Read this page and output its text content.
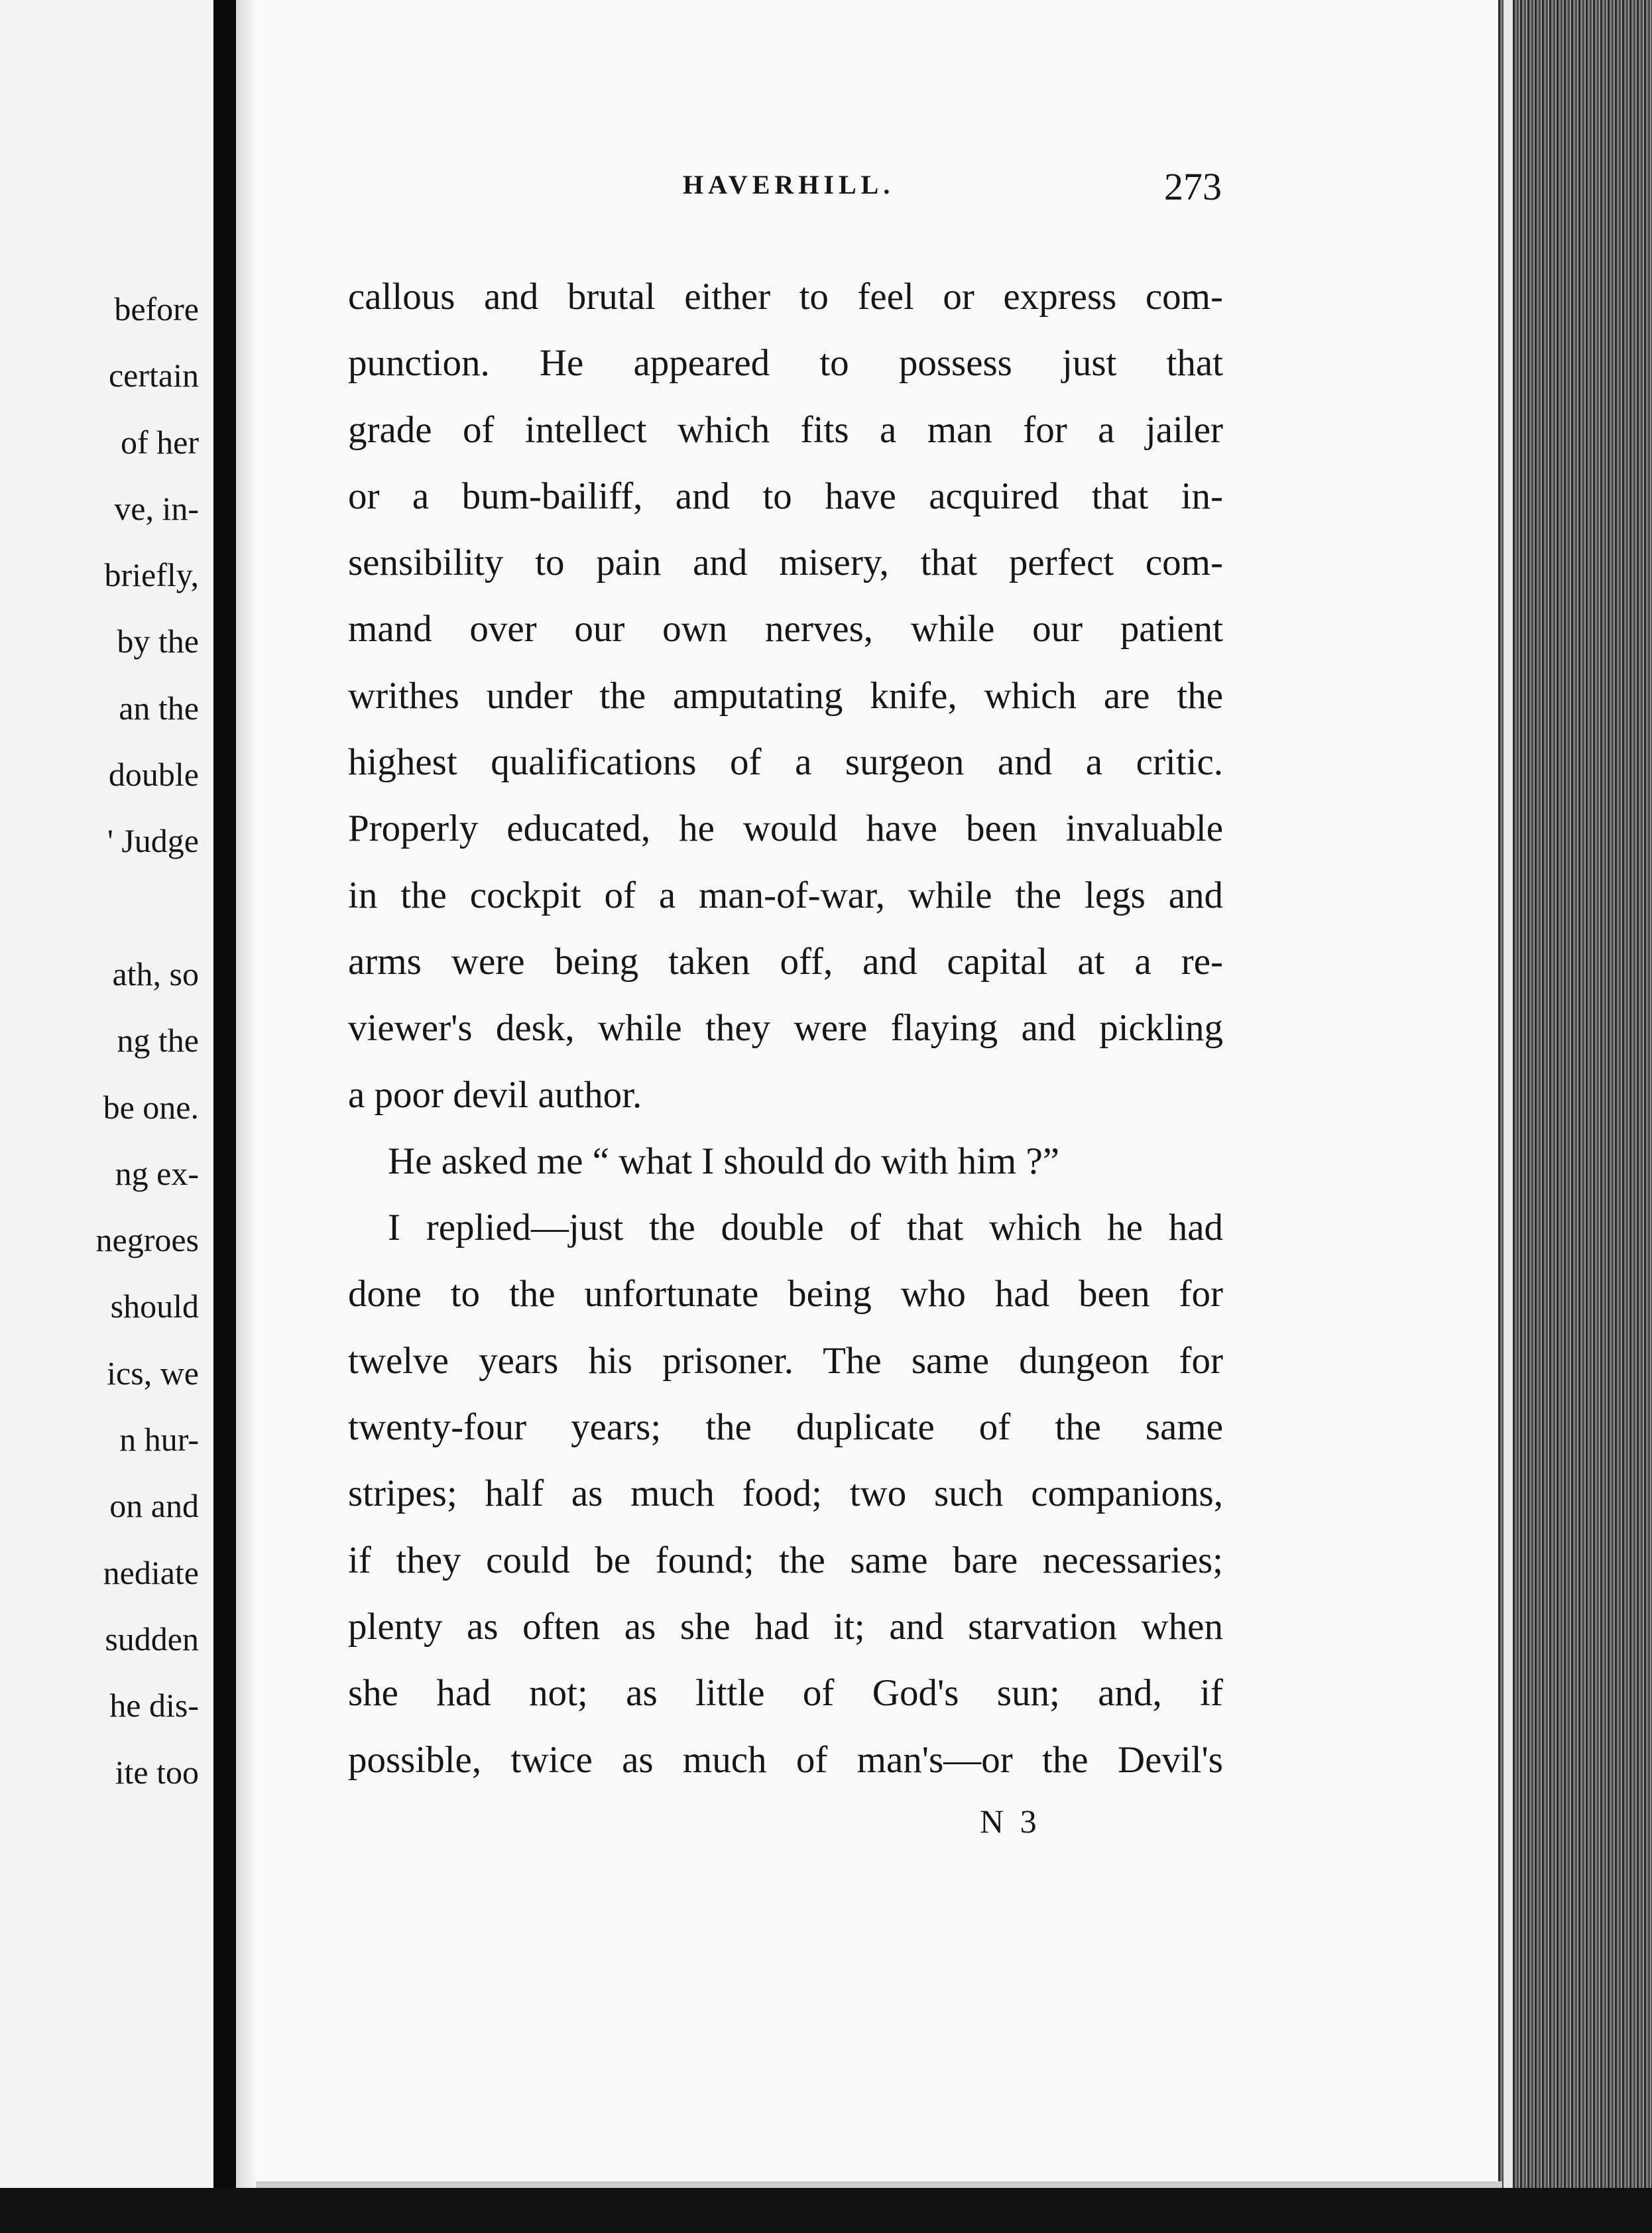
before
certain
of her
ve, in-
briefly,
by the
an the
double
' Judge
ath, so
ng the
be one.
ng ex-
negroes
should
ics, we
n hur-
on and
nediate
sudden
he dis-
ite too
HAVERHILL.	273
callous and brutal either to feel or express com-
punction. He appeared to possess just that
grade of intellect which fits a man for a jailer
or a bum-bailiff, and to have acquired that in-
sensibility to pain and misery, that perfect com-
mand over our own nerves, while our patient
writhes under the amputating knife, which are the
highest qualifications of a surgeon and a critic.
Properly educated, he would have been invaluable
in the cockpit of a man-of-war, while the legs and
arms were being taken off, and capital at a re-
viewer's desk, while they were flaying and pickling
a poor devil author.
He asked me “ what I should do with him ?”
I replied—just the double of that which he had
done to the unfortunate being who had been for
twelve years his prisoner. The same dungeon for
twenty-four years; the duplicate of the same
stripes; half as much food; two such companions,
if they could be found; the same bare necessaries;
plenty as often as she had it; and starvation when
she had not; as little of God's sun; and, if
possible, twice as much of man's—or the Devil's
N 3
